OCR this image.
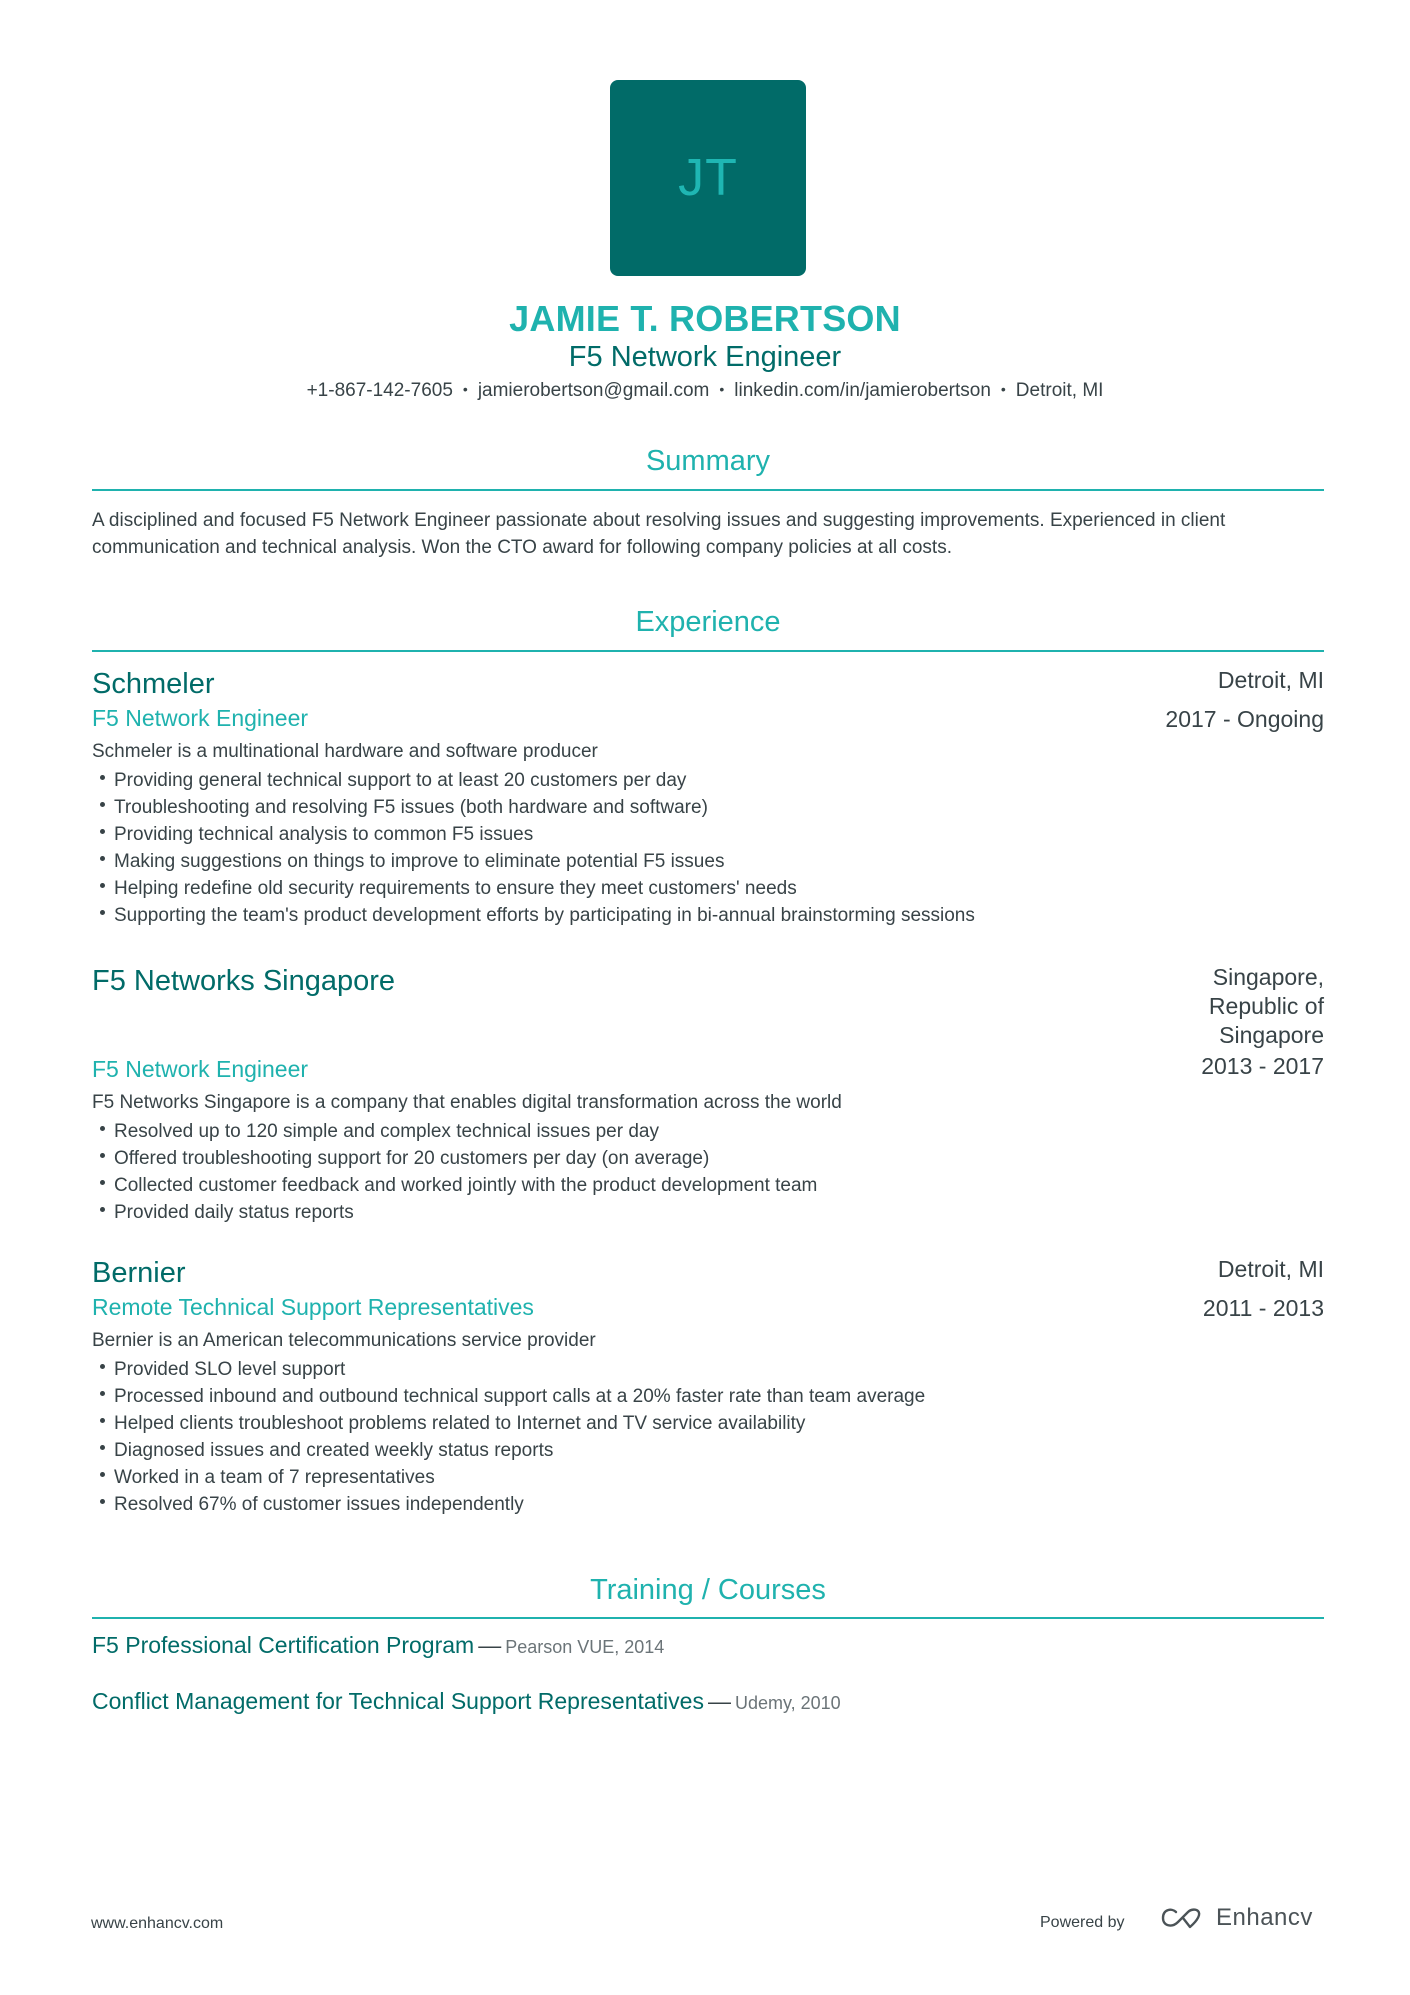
JT
JAMIE T. ROBERTSON
F5 Network Engineer
+1-867-142-7605 • jamierobertson@gmail.com • linkedin.com/in/jamierobertson • Detroit, MI
Summary
A disciplined and focused F5 Network Engineer passionate about resolving issues and suggesting improvements. Experienced in client communication and technical analysis. Won the CTO award for following company policies at all costs.
Experience
Schmeler
F5 Network Engineer
Detroit, MI
2017 - Ongoing
Schmeler is a multinational hardware and software producer
Providing general technical support to at least 20 customers per day
Troubleshooting and resolving F5 issues (both hardware and software)
Providing technical analysis to common F5 issues
Making suggestions on things to improve to eliminate potential F5 issues
Helping redefine old security requirements to ensure they meet customers' needs
Supporting the team's product development efforts by participating in bi-annual brainstorming sessions
F5 Networks Singapore
F5 Network Engineer
Singapore,
Republic of
Singapore
2013 - 2017
F5 Networks Singapore is a company that enables digital transformation across the world
Resolved up to 120 simple and complex technical issues per day
Offered troubleshooting support for 20 customers per day (on average)
Collected customer feedback and worked jointly with the product development team
Provided daily status reports
Bernier
Remote Technical Support Representatives
Detroit, MI
2011 - 2013
Bernier is an American telecommunications service provider
Provided SLO level support
Processed inbound and outbound technical support calls at a 20% faster rate than team average
Helped clients troubleshoot problems related to Internet and TV service availability
Diagnosed issues and created weekly status reports
Worked in a team of 7 representatives
Resolved 67% of customer issues independently
Training / Courses
F5 Professional Certification Program — Pearson VUE, 2014
Conflict Management for Technical Support Representatives — Udemy, 2010
www.enhancv.com	Powered by	Enhancv
